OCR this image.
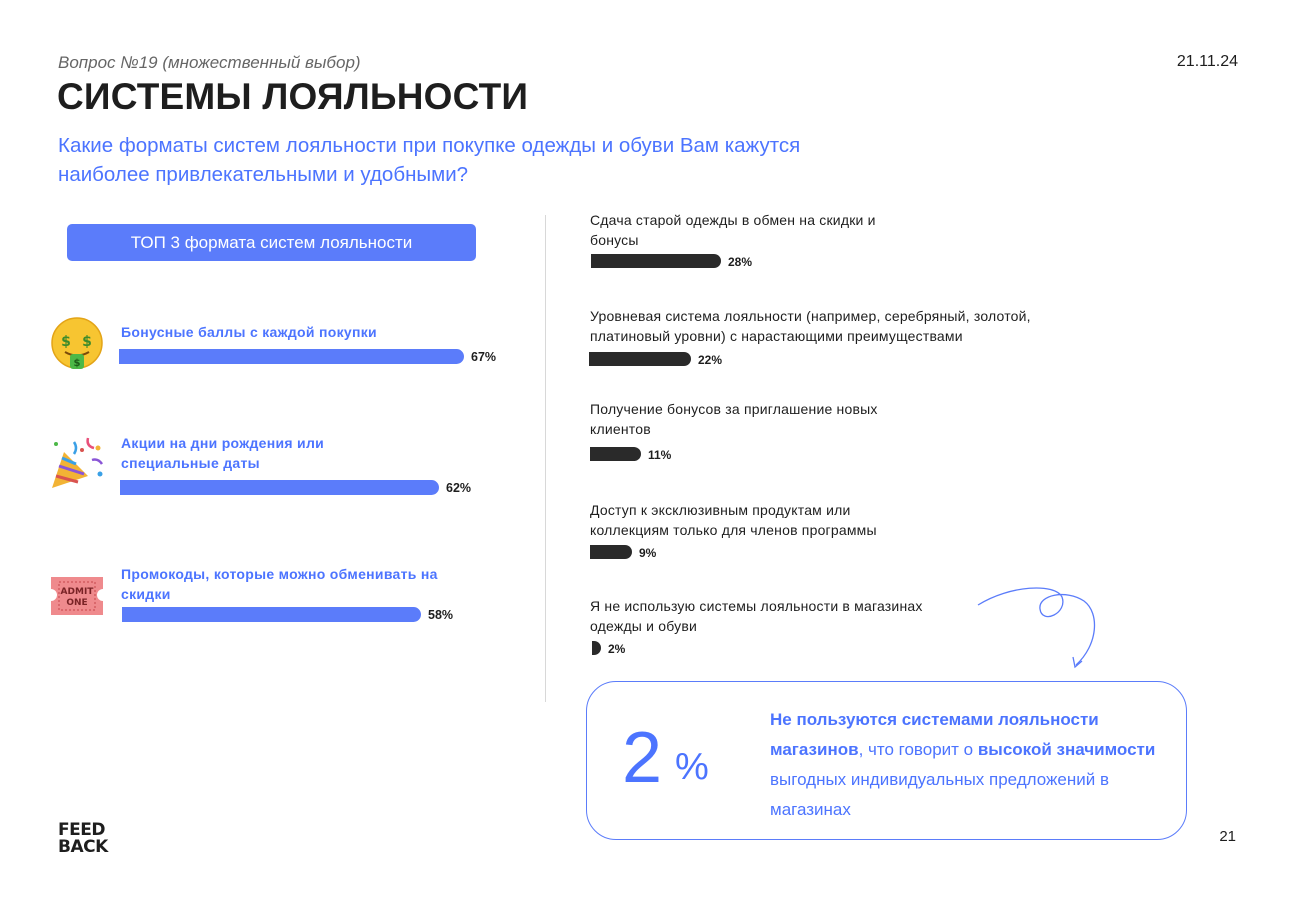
Вопрос №19 (множественный выбор)	21.11.24
СИСТЕМЫ ЛОЯЛЬНОСТИ
Какие форматы систем лояльности при покупке одежды и обуви Вам кажутся наиболее привлекательными и удобными?
ТОП 3 формата систем лояльности
$ $
$
ADMIT
ONE
Бонусные баллы с каждой покупки
67%
Акции на дни рождения или специальные даты
62%
Промокоды, которые можно обменивать на скидки
58%
Сдача старой одежды в обмен на скидки и бонусы
28%
Уровневая система лояльности (например, серебряный, золотой, платиновый уровни) с нарастающими преимуществами
22%
Получение бонусов за приглашение новых клиентов
11%
Доступ к эксклюзивным продуктам или коллекциям только для членов программы
9%
Я не использую системы лояльности в магазинах одежды и обуви
2%
2 %
Не пользуются системами лояльности магазинов, что говорит о высокой значимости выгодных индивидуальных предложений в магазинах
FEED
BACK
21
